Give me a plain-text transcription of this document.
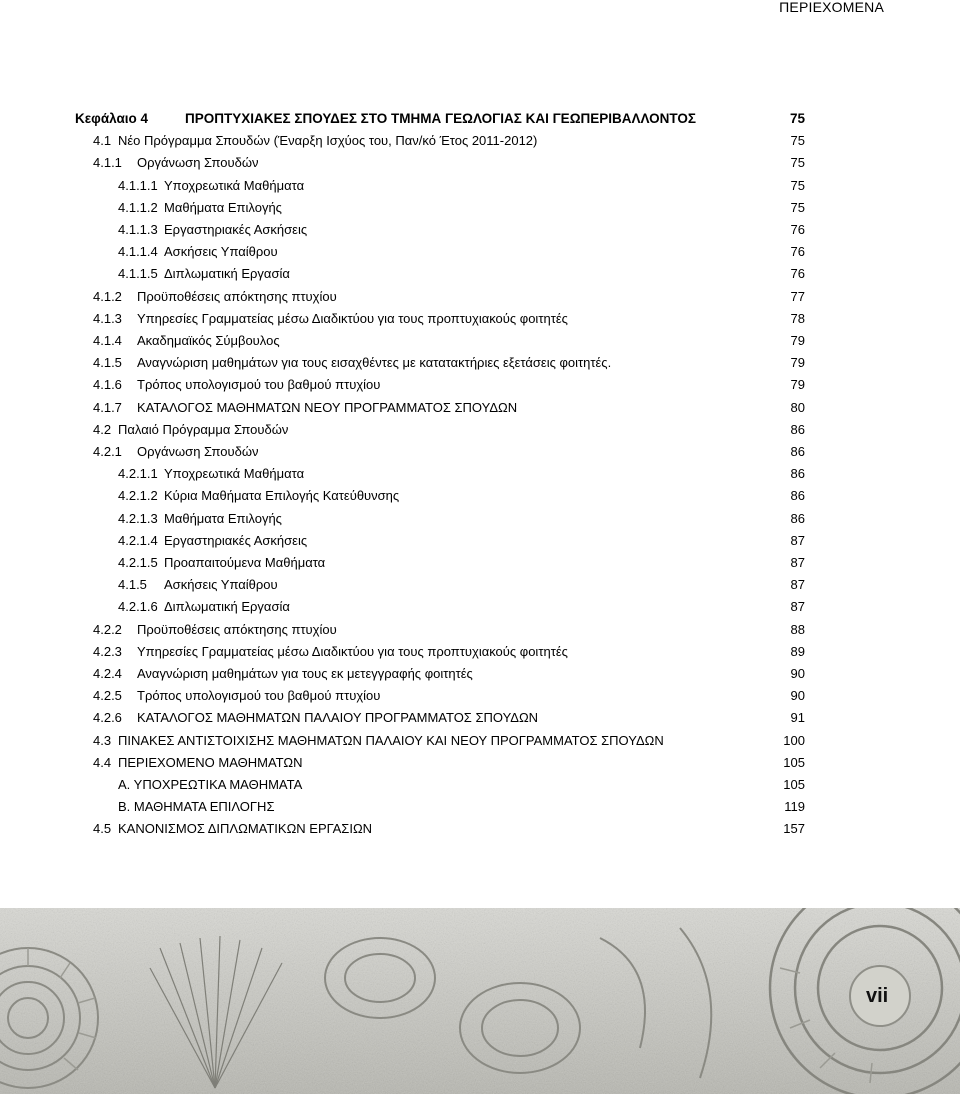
ΠΕΡΙΕΧΟΜΕΝΑ
Κεφάλαιο 4	ΠΡΟΠΤΥΧΙΑΚΕΣ ΣΠΟΥΔΕΣ ΣΤΟ ΤΜΗΜΑ ΓΕΩΛΟΓΙΑΣ ΚΑΙ ΓΕΩΠΕΡΙΒΑΛΛΟΝΤΟΣ	75
4.1 Νέο Πρόγραμμα Σπουδών (Έναρξη Ισχύος του, Παν/κό Έτος 2011-2012)	75
4.1.1 Οργάνωση Σπουδών	75
4.1.1.1 Υποχρεωτικά Μαθήματα	75
4.1.1.2 Μαθήματα Επιλογής	75
4.1.1.3 Εργαστηριακές Ασκήσεις	76
4.1.1.4 Ασκήσεις Υπαίθρου	76
4.1.1.5 Διπλωματική Εργασία	76
4.1.2 Προϋποθέσεις απόκτησης πτυχίου	77
4.1.3 Υπηρεσίες Γραμματείας μέσω Διαδικτύου για τους προπτυχιακούς φοιτητές	78
4.1.4 Ακαδημαϊκός Σύμβουλος	79
4.1.5 Αναγνώριση μαθημάτων για τους εισαχθέντες με κατατακτήριες εξετάσεις φοιτητές.	79
4.1.6 Τρόπος υπολογισμού του βαθμού πτυχίου	79
4.1.7 ΚΑΤΑΛΟΓΟΣ ΜΑΘΗΜΑΤΩΝ ΝΕΟΥ ΠΡΟΓΡΑΜΜΑΤΟΣ ΣΠΟΥΔΩΝ	80
4.2 Παλαιό Πρόγραμμα Σπουδών	86
4.2.1 Οργάνωση Σπουδών	86
4.2.1.1 Υποχρεωτικά Μαθήματα	86
4.2.1.2 Κύρια Μαθήματα Επιλογής Κατεύθυνσης	86
4.2.1.3 Μαθήματα Επιλογής	86
4.2.1.4 Εργαστηριακές Ασκήσεις	87
4.2.1.5 Προαπαιτούμενα Μαθήματα	87
4.1.5 Ασκήσεις Υπαίθρου	87
4.2.1.6 Διπλωματική Εργασία	87
4.2.2 Προϋποθέσεις απόκτησης πτυχίου	88
4.2.3 Υπηρεσίες Γραμματείας μέσω Διαδικτύου για τους προπτυχιακούς φοιτητές	89
4.2.4 Αναγνώριση μαθημάτων για τους εκ μετεγγραφής φοιτητές	90
4.2.5 Τρόπος υπολογισμού του βαθμού πτυχίου	90
4.2.6 ΚΑΤΑΛΟΓΟΣ ΜΑΘΗΜΑΤΩΝ ΠΑΛΑΙΟΥ ΠΡΟΓΡΑΜΜΑΤΟΣ ΣΠΟΥΔΩΝ	91
4.3 ΠΙΝΑΚΕΣ ΑΝΤΙΣΤΟΙΧΙΣΗΣ ΜΑΘΗΜΑΤΩΝ ΠΑΛΑΙΟΥ ΚΑΙ ΝΕΟΥ ΠΡΟΓΡΑΜΜΑΤΟΣ ΣΠΟΥΔΩΝ	100
4.4 ΠΕΡΙΕΧΟΜΕΝΟ ΜΑΘΗΜΑΤΩΝ	105
Α. ΥΠΟΧΡΕΩΤΙΚΑ ΜΑΘΗΜΑΤΑ	105
Β. ΜΑΘΗΜΑΤΑ ΕΠΙΛΟΓΗΣ	119
4.5 ΚΑΝΟΝΙΣΜΟΣ ΔΙΠΛΩΜΑΤΙΚΩΝ ΕΡΓΑΣΙΩΝ	157
vii
